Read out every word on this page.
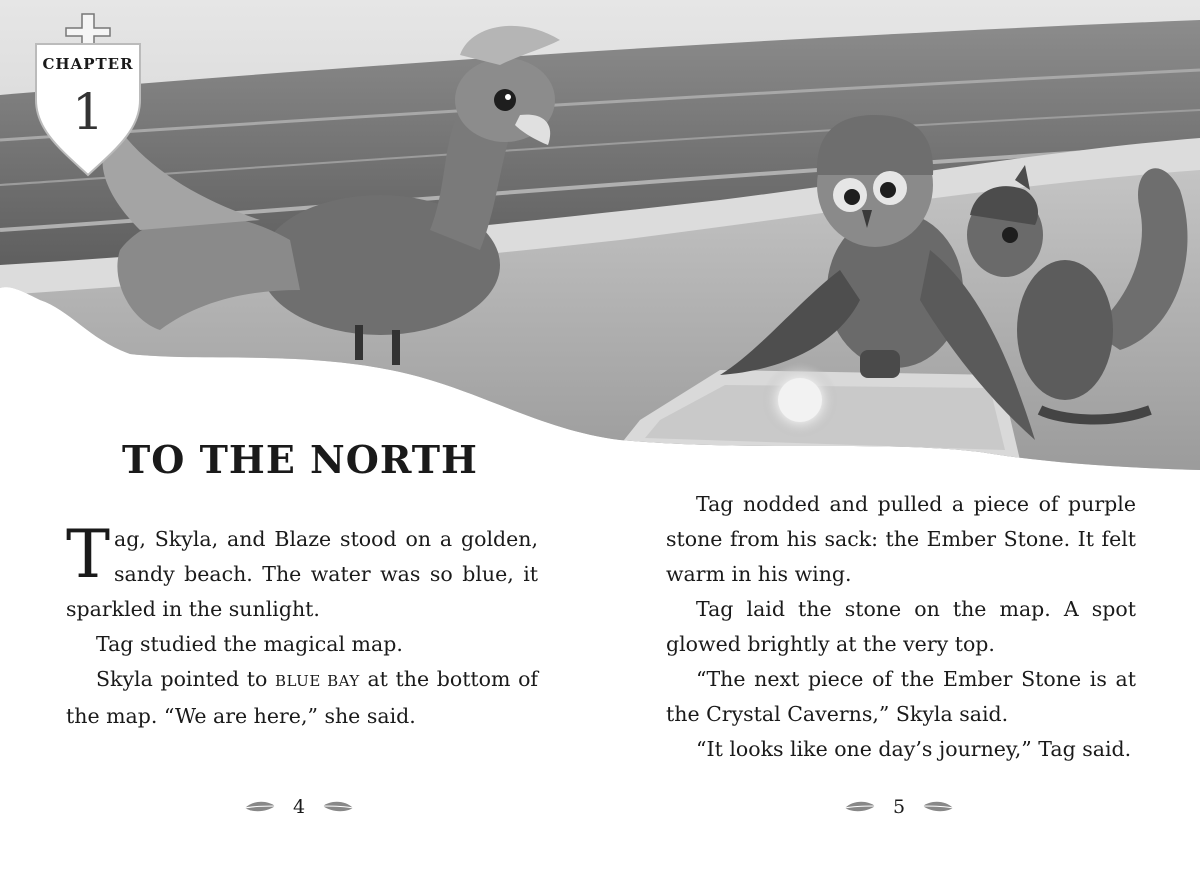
CHAPTER
1
TO THE NORTH

Tag, Skyla, and Blaze stood on a golden, sandy beach. The water was so blue, it sparkled in the sunlight.

Tag studied the magical map.

Skyla pointed to BLUE BAY at the bottom of the map. “We are here,” she said.

Tag nodded and pulled a piece of purple stone from his sack: the Ember Stone. It felt warm in his wing.

Tag laid the stone on the map. A spot glowed brightly at the very top.

“The next piece of the Ember Stone is at the Crystal Caverns,” Skyla said.

“It looks like one day’s journey,” Tag said.

4	5
